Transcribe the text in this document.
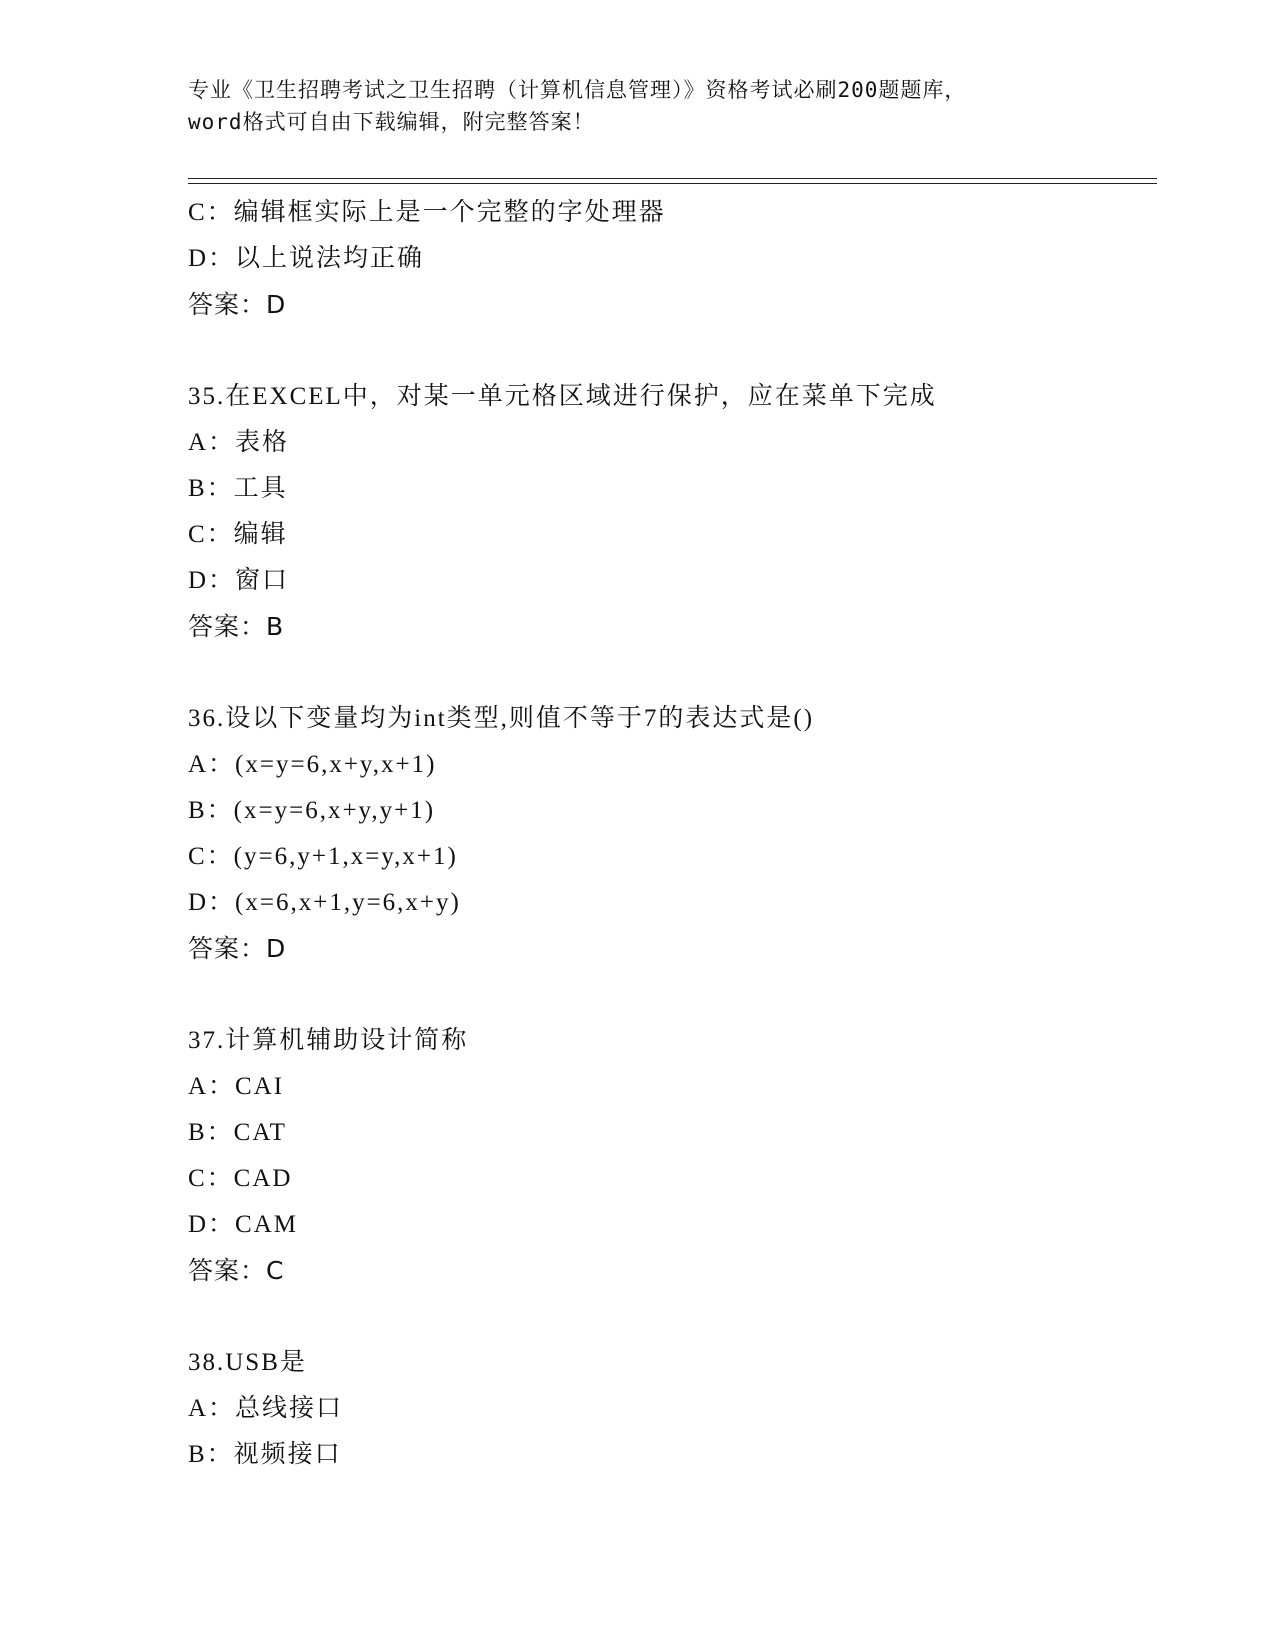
专业《卫生招聘考试之卫生招聘（计算机信息管理）》资格考试必刷200题题库，
word格式可自由下载编辑，附完整答案！
C：编辑框实际上是一个完整的字处理器
D：以上说法均正确
答案：D
35.在EXCEL中，对某一单元格区域进行保护，应在菜单下完成
A：表格
B：工具
C：编辑
D：窗口
答案：B
36.设以下变量均为int类型,则值不等于7的表达式是()
A：(x=y=6,x+y,x+1)
B：(x=y=6,x+y,y+1)
C：(y=6,y+1,x=y,x+1)
D：(x=6,x+1,y=6,x+y)
答案：D
37.计算机辅助设计简称
A：CAI
B：CAT
C：CAD
D：CAM
答案：C
38.USB是
A：总线接口
B：视频接口
